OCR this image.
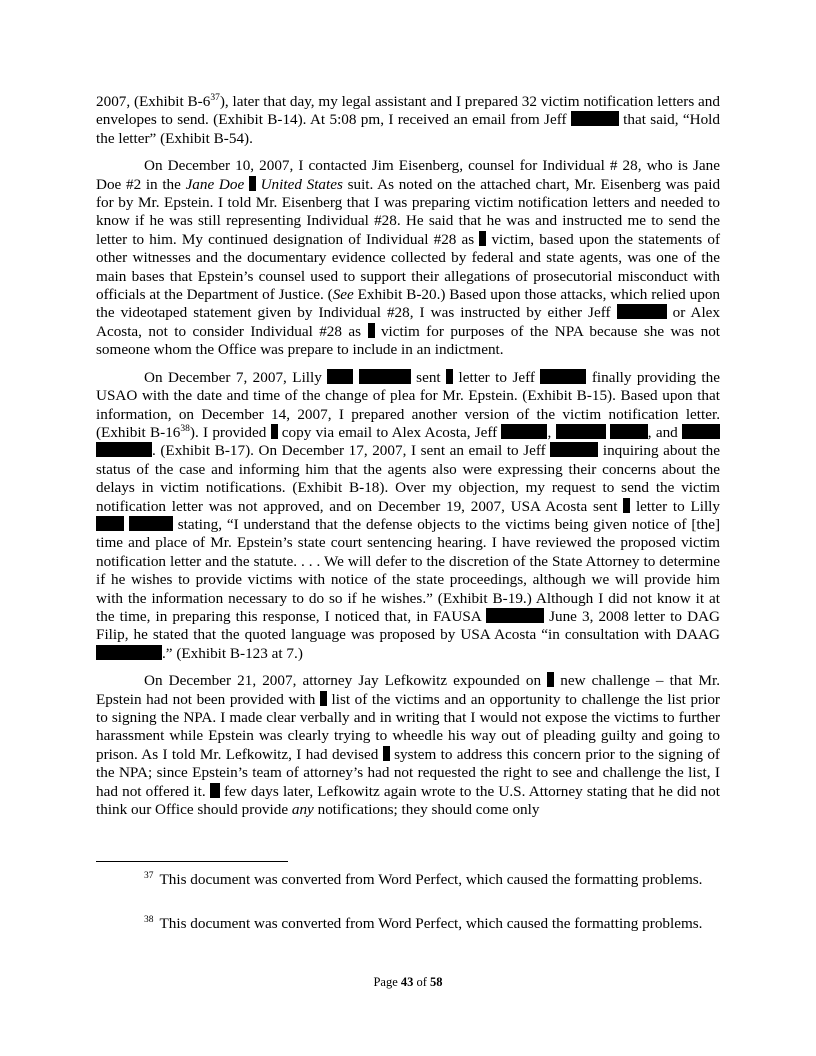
2007, (Exhibit $B-6^{37}$), later that day, my legal assistant and I prepared 32 victim notification letters and envelopes to send. (Exhibit B-14). At 5:08 pm, I received an email from Jeff	that said, “Hold the letter” (Exhibit B-54).

On December 10, 2007, I contacted Jim Eisenberg, counsel for Individual # 28, who is Jane Doe #2 in the Jane Doe United States suit. As noted on the attached chart, Mr. Eisenberg was paid for by Mr. Epstein. I told Mr. Eisenberg that I was preparing victim notification letters and needed to know if he was still representing Individual #28. He said that he was and instructed me to send the letter to him. My continued designation of Individual #28 as  victim, based upon the statements of other witnesses and the documentary evidence collected by federal and state agents, was one of the main bases that Epstein’s counsel used to support their allegations of prosecutorial misconduct with officials at the Department of Justice. (See Exhibit B-20.) Based upon those attacks, which relied upon the videotaped statement given by Individual #28, I was instructed by either Jeff	or Alex Acosta, not to consider Individual #28 as  victim for purposes of the NPA because she was not someone whom the Office was prepare to include in an indictment.

On December 7, 2007, Lilly	sent  letter to Jeff	finally providing the USAO with the date and time of the change of plea for Mr. Epstein. (Exhibit B-15). Based upon that information, on December 14, 2007, I prepared another version of the victim notification letter. (Exhibit $B-16^{38}$). I provided  copy via email to Alex Acosta, Jeff	,	, and  . (Exhibit B-17). On December 17, 2007, I sent an email to Jeff	inquiring about the status of the case and informing him that the agents also were expressing their concerns about the delays in victim notifications. (Exhibit B-18). Over my objection, my request to send the victim notification letter was not approved, and on December 19, 2007, USA Acosta sent  letter to Lilly   stating, “I understand that the defense objects to the victims being given notice of [the] time and place of Mr. Epstein’s state court sentencing hearing. I have reviewed the proposed victim notification letter and the statute. . . . We will defer to the discretion of the State Attorney to determine if he wishes to provide victims with notice of the state proceedings, although we will provide him with the information necessary to do so if he wishes.” (Exhibit B-19.) Although I did not know it at the time, in preparing this response, I noticed that, in FAUSA	June 3, 2008 letter to DAG Filip, he stated that the quoted language was proposed by USA Acosta “in consultation with DAAG .” (Exhibit B-123 at 7.)

On December 21, 2007, attorney Jay Lefkowitz expounded on  new challenge – that Mr. Epstein had not been provided with  list of the victims and an opportunity to challenge the list prior to signing the NPA. I made clear verbally and in writing that I would not expose the victims to further harassment while Epstein was clearly trying to wheedle his way out of pleading guilty and going to prison. As I told Mr. Lefkowitz, I had devised  system to address this concern prior to the signing of the NPA; since Epstein’s team of attorney’s had not requested the right to see and challenge the list, I had not offered it.  few days later, Lefkowitz again wrote to the U.S. Attorney stating that he did not think our Office should provide any notifications; they should come only

$^{37}$ This document was converted from Word Perfect, which caused the formatting problems.
$^{38}$ This document was converted from Word Perfect, which caused the formatting problems.
Page 43 of 58
